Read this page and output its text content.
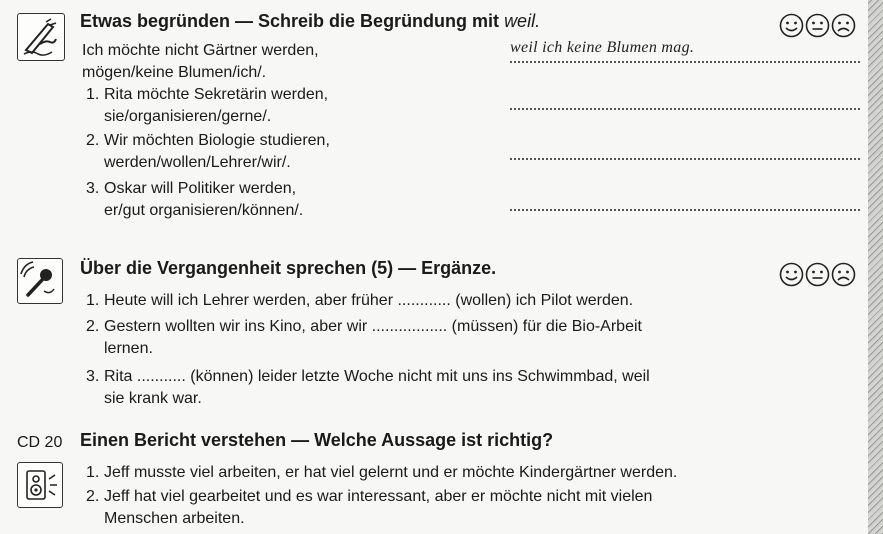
Etwas begründen — Schreib die Begründung mit weil.
Ich möchte nicht Gärtner werden,
mögen/keine Blumen/ich/.
weil ich keine Blumen mag.
1. Rita möchte Sekretärin werden,
sie/organisieren/gerne/.
2. Wir möchten Biologie studieren,
werden/wollen/Lehrer/wir/.
3. Oskar will Politiker werden,
er/gut organisieren/können/.
Über die Vergangenheit sprechen (5) — Ergänze.
1. Heute will ich Lehrer werden, aber früher ............ (wollen) ich Pilot werden.
2. Gestern wollten wir ins Kino, aber wir ................. (müssen) für die Bio-Arbeit
lernen.
3. Rita ........... (können) leider letzte Woche nicht mit uns ins Schwimmbad, weil
sie krank war.
CD 20 Einen Bericht verstehen — Welche Aussage ist richtig?
1. Jeff musste viel arbeiten, er hat viel gelernt und er möchte Kindergärtner werden.
2. Jeff hat viel gearbeitet und es war interessant, aber er möchte nicht mit vielen
Menschen arbeiten.
